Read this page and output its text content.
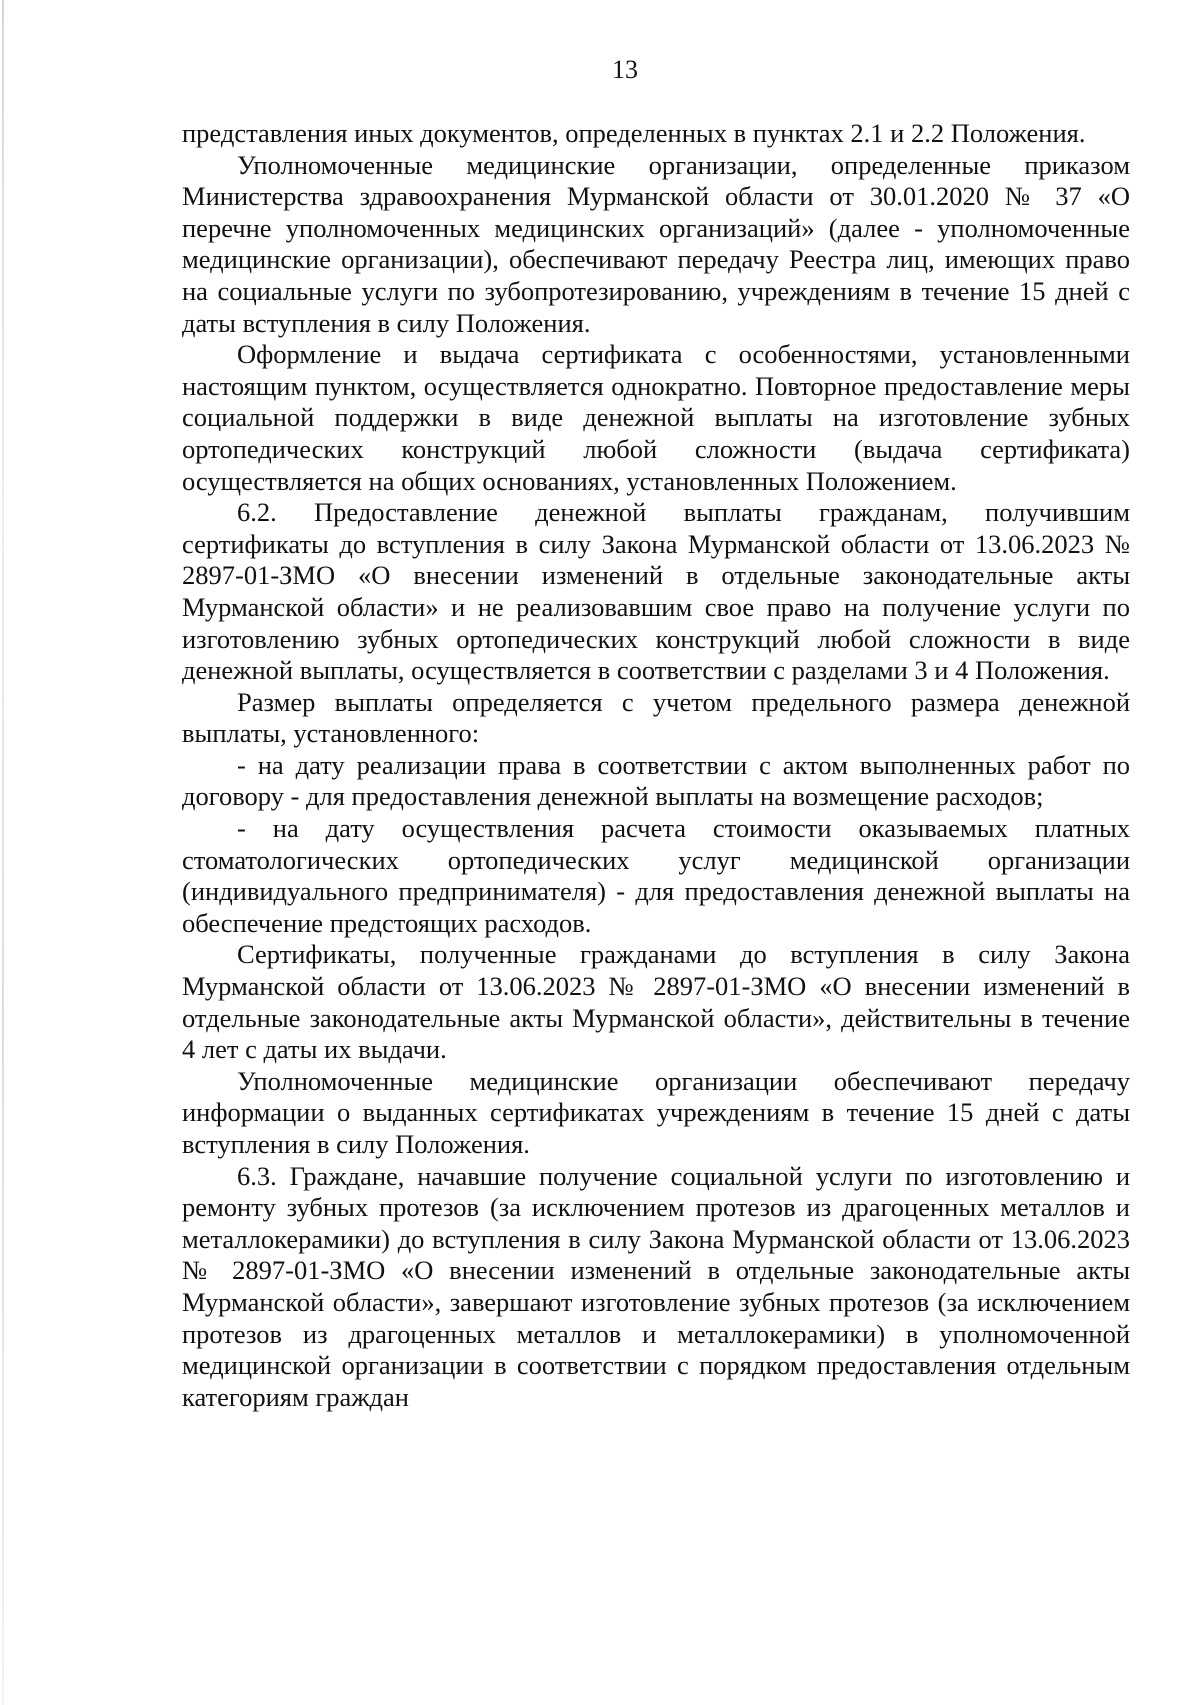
13

представления иных документов, определенных в пунктах 2.1 и 2.2 Положения.

Уполномоченные медицинские организации, определенные приказом Министерства здравоохранения Мурманской области от 30.01.2020 № 37 «О перечне уполномоченных медицинских организаций» (далее - уполномоченные медицинские организации), обеспечивают передачу Реестра лиц, имеющих право на социальные услуги по зубопротезированию, учреждениям в течение 15 дней с даты вступления в силу Положения.

Оформление и выдача сертификата с особенностями, установленными настоящим пунктом, осуществляется однократно. Повторное предоставление меры социальной поддержки в виде денежной выплаты на изготовление зубных ортопедических конструкций любой сложности (выдача сертификата) осуществляется на общих основаниях, установленных Положением.

6.2. Предоставление денежной выплаты гражданам, получившим сертификаты до вступления в силу Закона Мурманской области от 13.06.2023 № 2897-01-ЗМО «О внесении изменений в отдельные законодательные акты Мурманской области» и не реализовавшим свое право на получение услуги по изготовлению зубных ортопедических конструкций любой сложности в виде денежной выплаты, осуществляется в соответствии с разделами 3 и 4 Положения.

Размер выплаты определяется с учетом предельного размера денежной выплаты, установленного:

- на дату реализации права в соответствии с актом выполненных работ по договору - для предоставления денежной выплаты на возмещение расходов;

- на дату осуществления расчета стоимости оказываемых платных стоматологических ортопедических услуг медицинской организации (индивидуального предпринимателя) - для предоставления денежной выплаты на обеспечение предстоящих расходов.

Сертификаты, полученные гражданами до вступления в силу Закона Мурманской области от 13.06.2023 № 2897-01-ЗМО «О внесении изменений в отдельные законодательные акты Мурманской области», действительны в течение 4 лет с даты их выдачи.

Уполномоченные медицинские организации обеспечивают передачу информации о выданных сертификатах учреждениям в течение 15 дней с даты вступления в силу Положения.

6.3. Граждане, начавшие получение социальной услуги по изготовлению и ремонту зубных протезов (за исключением протезов из драгоценных металлов и металлокерамики) до вступления в силу Закона Мурманской области от 13.06.2023 № 2897-01-ЗМО «О внесении изменений в отдельные законодательные акты Мурманской области», завершают изготовление зубных протезов (за исключением протезов из драгоценных металлов и металлокерамики) в уполномоченной медицинской организации в соответствии с порядком предоставления отдельным категориям граждан
